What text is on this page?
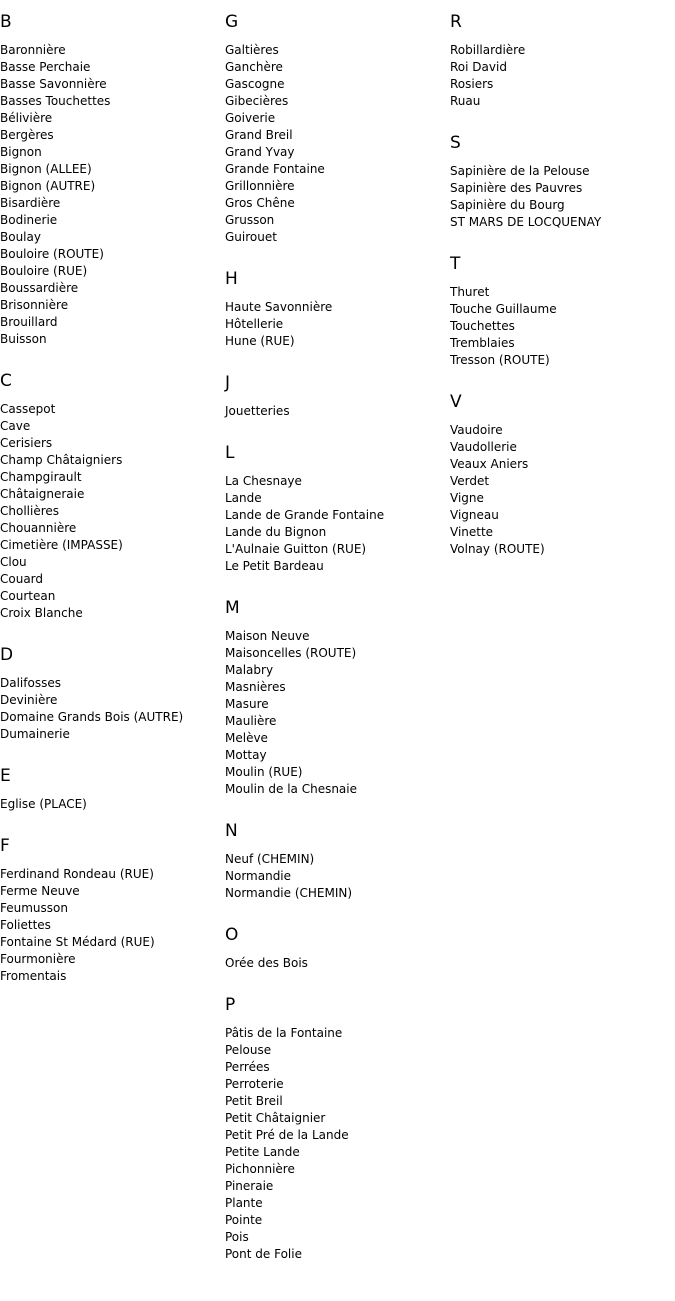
B
Baronnière
Basse Perchaie
Basse Savonnière
Basses Touchettes
Bélivière
Bergères
Bignon
Bignon (ALLEE)
Bignon (AUTRE)
Bisardière
Bodinerie
Boulay
Bouloire (ROUTE)
Bouloire (RUE)
Boussardière
Brisonnière
Brouillard
Buisson
C
Cassepot
Cave
Cerisiers
Champ Châtaigniers
Champgirault
Châtaigneraie
Chollières
Chouannière
Cimetière (IMPASSE)
Clou
Couard
Courtean
Croix Blanche
D
Dalifosses
Devinière
Domaine Grands Bois (AUTRE)
Dumainerie
E
Eglise (PLACE)
F
Ferdinand Rondeau (RUE)
Ferme Neuve
Feumusson
Foliettes
Fontaine St Médard (RUE)
Fourmonière
Fromentais
G
Galtières
Ganchère
Gascogne
Gibecières
Goiverie
Grand Breil
Grand Yvay
Grande Fontaine
Grillonnière
Gros Chêne
Grusson
Guirouet
H
Haute Savonnière
Hôtellerie
Hune (RUE)
J
Jouetteries
L
La Chesnaye
Lande
Lande de Grande Fontaine
Lande du Bignon
L'Aulnaie Guitton (RUE)
Le Petit Bardeau
M
Maison Neuve
Maisoncelles (ROUTE)
Malabry
Masnières
Masure
Maulière
Melève
Mottay
Moulin (RUE)
Moulin de la Chesnaie
N
Neuf (CHEMIN)
Normandie
Normandie (CHEMIN)
O
Orée des Bois
P
Pâtis de la Fontaine
Pelouse
Perrées
Perroterie
Petit Breil
Petit Châtaignier
Petit Pré de la Lande
Petite Lande
Pichonnière
Pineraie
Plante
Pointe
Pois
Pont de Folie
R
Robillardière
Roi David
Rosiers
Ruau
S
Sapinière de la Pelouse
Sapinière des Pauvres
Sapinière du Bourg
ST MARS DE LOCQUENAY
T
Thuret
Touche Guillaume
Touchettes
Tremblaies
Tresson (ROUTE)
V
Vaudoire
Vaudollerie
Veaux Aniers
Verdet
Vigne
Vigneau
Vinette
Volnay (ROUTE)
